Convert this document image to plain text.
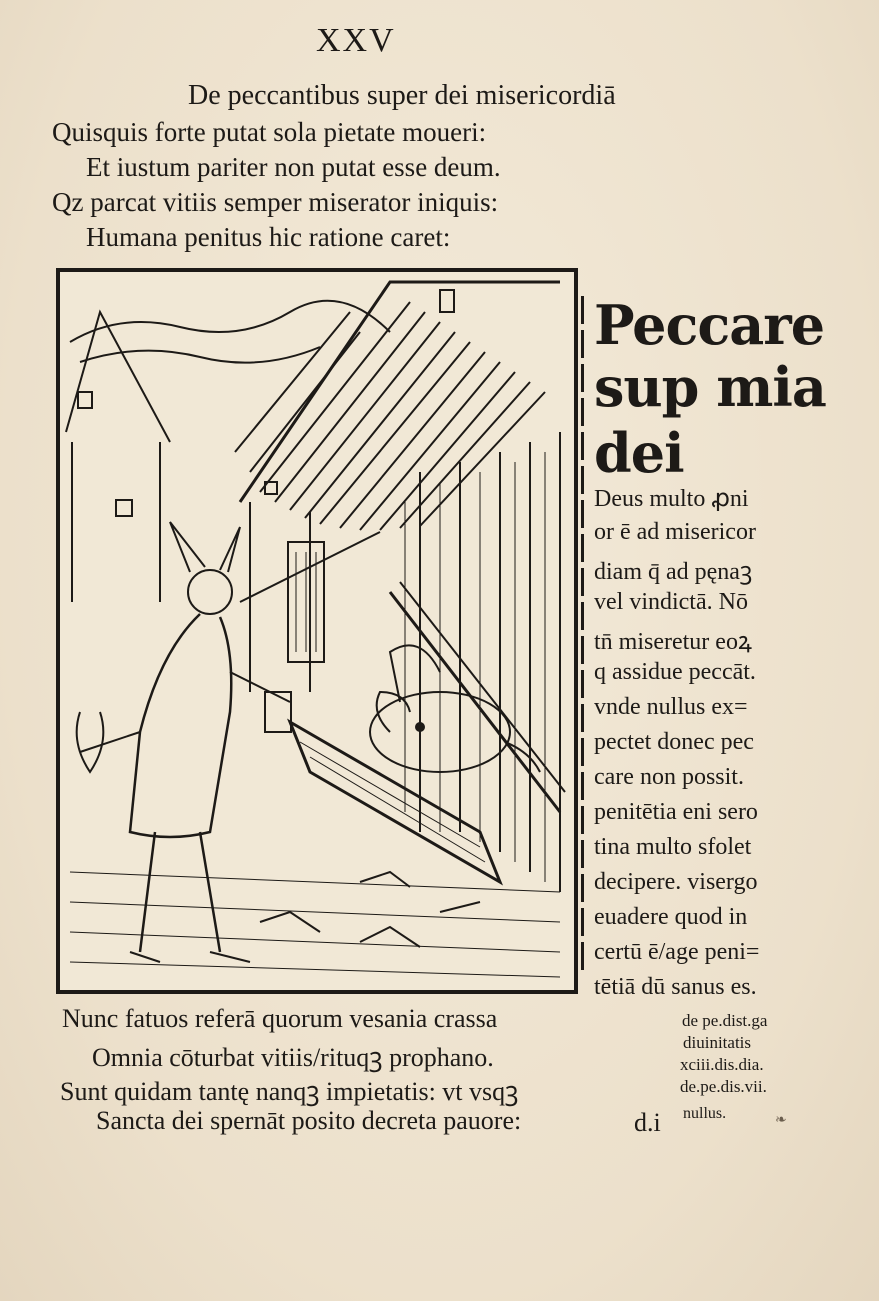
XXV
De peccantibus super dei misericordiā
Quisquis forte putat sola pietate moueri:
Et iustum pariter non putat esse deum.
Qz parcat vitiis semper miserator iniquis:
Humana penitus hic ratione caret:
Peccare
sup mia
dei
Deus multo ꝓni
or ē ad misericor
diam q̄ ad pęnaꝫ
vel vindictā. Nō
tn̄ miseretur eoꝝ
q assidue peccāt.
vnde nullus ex=
pectet donec pec
care non possit.
penitētia eni sero
tina multo sfolet
decipere. visergo
euadere quod in
certū ē/age peni=
tētiā dū sanus es.
Nunc fatuos referā quorum vesania crassa
Omnia cōturbat vitiis/rituqꝫ prophano.
Sunt quidam tantę nanqꝫ impietatis: vt vsqꝫ
Sancta dei spernāt posito decreta pauore:	d.i
de pe.dist.ga
diuinitatis
xciii.dis.dia.
de.pe.dis.vii.
nullus.	❧
